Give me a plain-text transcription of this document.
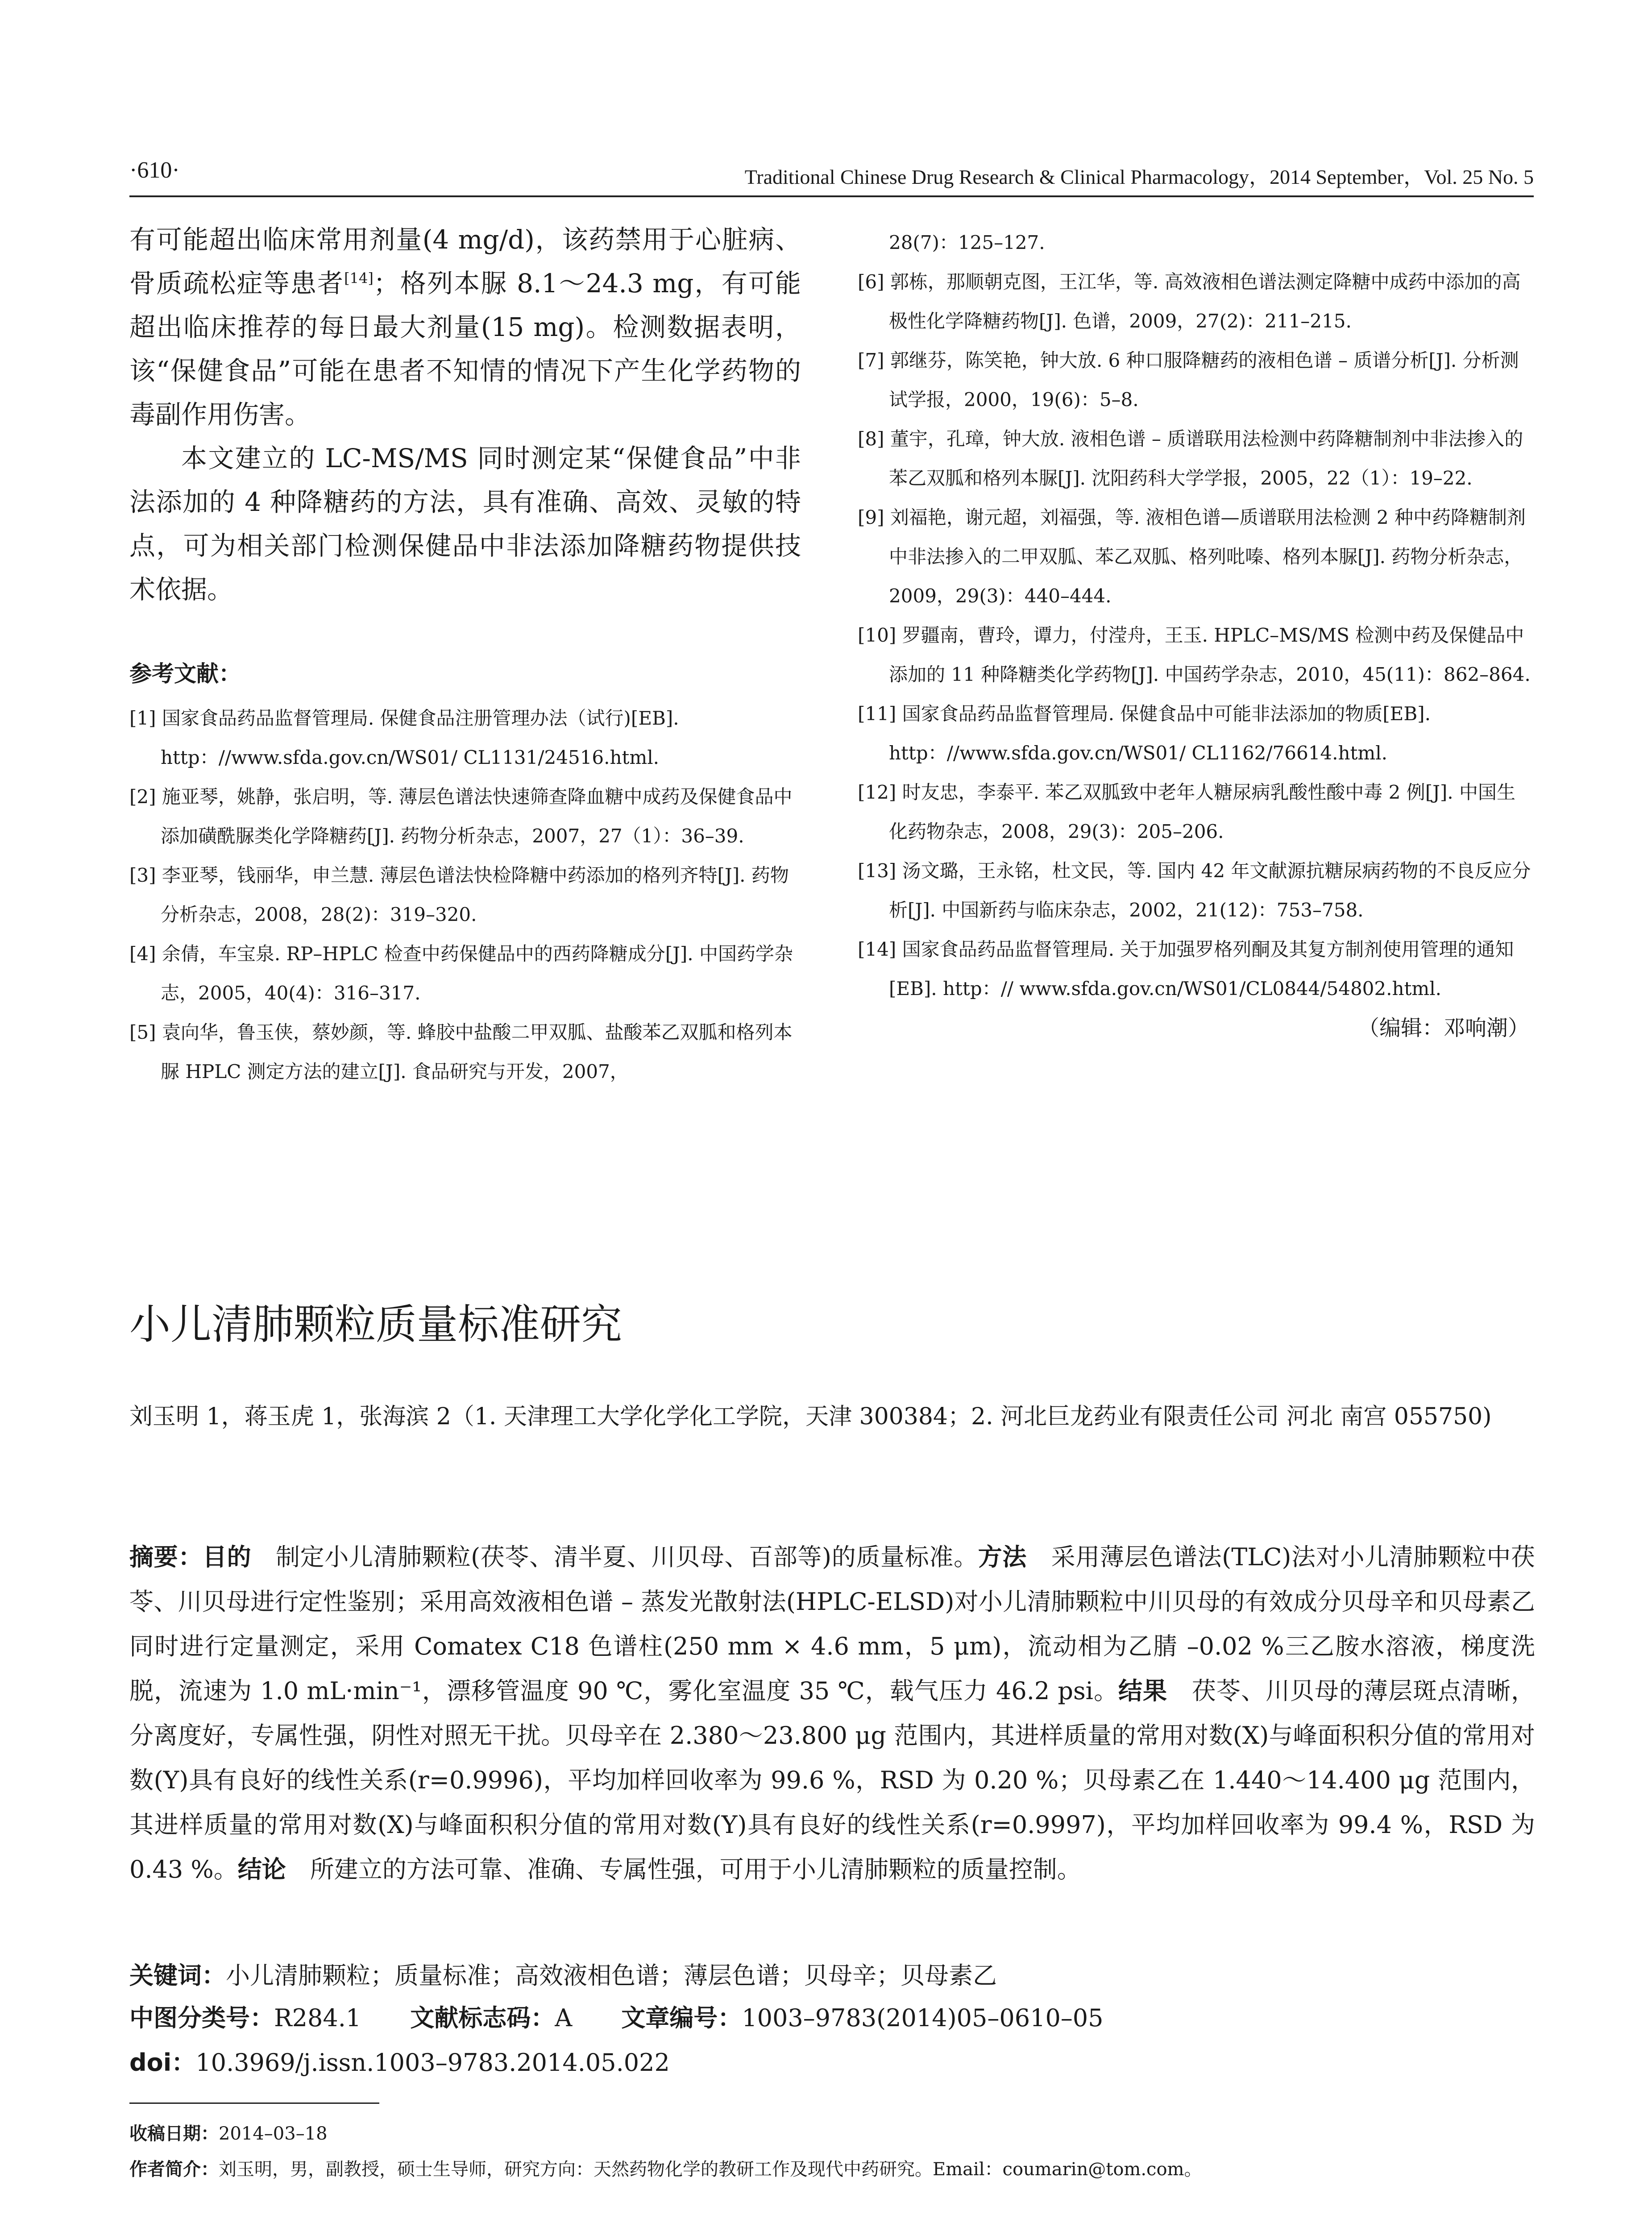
·610·	Traditional Chinese Drug Research & Clinical Pharmacology，2014 September，Vol. 25 No. 5

有可能超出临床常用剂量(4 mg/d)，该药禁用于心脏病、骨质疏松症等患者[14]；格列本脲 8.1～24.3 mg，有可能超出临床推荐的每日最大剂量(15 mg)。检测数据表明，该“保健食品”可能在患者不知情的情况下产生化学药物的毒副作用伤害。

本文建立的 LC-MS/MS 同时测定某“保健食品”中非法添加的 4 种降糖药的方法，具有准确、高效、灵敏的特点，可为相关部门检测保健品中非法添加降糖药物提供技术依据。

参考文献：

[1] 国家食品药品监督管理局. 保健食品注册管理办法（试行)[EB]. http：//www.sfda.gov.cn/WS01/ CL1131/24516.html.

[2] 施亚琴，姚静，张启明，等. 薄层色谱法快速筛查降血糖中成药及保健食品中添加磺酰脲类化学降糖药[J]. 药物分析杂志，2007，27（1）：36–39.

[3] 李亚琴，钱丽华，申兰慧. 薄层色谱法快检降糖中药添加的格列齐特[J]. 药物分析杂志，2008，28(2)：319–320.

[4] 余倩，车宝泉. RP–HPLC 检查中药保健品中的西药降糖成分[J]. 中国药学杂志，2005，40(4)：316–317.

[5] 袁向华，鲁玉侠，蔡妙颜，等. 蜂胶中盐酸二甲双胍、盐酸苯乙双胍和格列本脲 HPLC 测定方法的建立[J]. 食品研究与开发，2007，

28(7)：125–127.

[6] 郭栋，那顺朝克图，王江华，等. 高效液相色谱法测定降糖中成药中添加的高极性化学降糖药物[J]. 色谱，2009，27(2)：211–215.

[7] 郭继芬，陈笑艳，钟大放. 6 种口服降糖药的液相色谱 – 质谱分析[J]. 分析测试学报，2000，19(6)：5–8.

[8] 董宇，孔璋，钟大放. 液相色谱 – 质谱联用法检测中药降糖制剂中非法掺入的苯乙双胍和格列本脲[J]. 沈阳药科大学学报，2005，22（1）：19–22.

[9] 刘福艳，谢元超，刘福强，等. 液相色谱—质谱联用法检测 2 种中药降糖制剂中非法掺入的二甲双胍、苯乙双胍、格列吡嗪、格列本脲[J]. 药物分析杂志，2009，29(3)：440–444.

[10] 罗疆南，曹玲，谭力，付滢舟，王玉. HPLC–MS/MS 检测中药及保健品中添加的 11 种降糖类化学药物[J]. 中国药学杂志，2010，45(11)：862–864.

[11] 国家食品药品监督管理局. 保健食品中可能非法添加的物质[EB]. http：//www.sfda.gov.cn/WS01/ CL1162/76614.html.

[12] 时友忠，李泰平. 苯乙双胍致中老年人糖尿病乳酸性酸中毒 2 例[J]. 中国生化药物杂志，2008，29(3)：205–206.

[13] 汤文璐，王永铭，杜文民，等. 国内 42 年文献源抗糖尿病药物的不良反应分析[J]. 中国新药与临床杂志，2002，21(12)：753–758.

[14] 国家食品药品监督管理局. 关于加强罗格列酮及其复方制剂使用管理的通知[EB]. http：// www.sfda.gov.cn/WS01/CL0844/54802.html.

（编辑：邓响潮）

小儿清肺颗粒质量标准研究
刘玉明 1，蒋玉虎 1，张海滨 2（1. 天津理工大学化学化工学院，天津 300384；2. 河北巨龙药业有限责任公司 河北 南宫 055750)
摘要：目的　 制定小儿清肺颗粒(茯苓、清半夏、川贝母、百部等)的质量标准。方法　 采用薄层色谱法(TLC)法对小儿清肺颗粒中茯苓、川贝母进行定性鉴别；采用高效液相色谱 – 蒸发光散射法(HPLC-ELSD)对小儿清肺颗粒中川贝母的有效成分贝母辛和贝母素乙同时进行定量测定，采用 Comatex C18 色谱柱(250 mm × 4.6 mm，5 μm)，流动相为乙腈 –0.02 %三乙胺水溶液，梯度洗脱，流速为 1.0 mL·min⁻¹，漂移管温度 90 ℃，雾化室温度 35 ℃，载气压力 46.2 psi。结果　 茯苓、川贝母的薄层斑点清晰，分离度好，专属性强，阴性对照无干扰。贝母辛在 2.380～23.800 μg 范围内，其进样质量的常用对数(X)与峰面积积分值的常用对数(Y)具有良好的线性关系(r=0.9996)，平均加样回收率为 99.6 %，RSD 为 0.20 %；贝母素乙在 1.440～14.400 μg 范围内，其进样质量的常用对数(X)与峰面积积分值的常用对数(Y)具有良好的线性关系(r=0.9997)，平均加样回收率为 99.4 %，RSD 为 0.43 %。结论　 所建立的方法可靠、准确、专属性强，可用于小儿清肺颗粒的质量控制。
关键词：小儿清肺颗粒；质量标准；高效液相色谱；薄层色谱；贝母辛；贝母素乙
中图分类号：R284.1 文献标志码：A 文章编号：1003–9783(2014)05–0610–05
doi：10.3969/j.issn.1003–9783.2014.05.022
收稿日期：2014–03–18
作者简介：刘玉明，男，副教授，硕士生导师，研究方向：天然药物化学的教研工作及现代中药研究。Email：coumarin@tom.com。
